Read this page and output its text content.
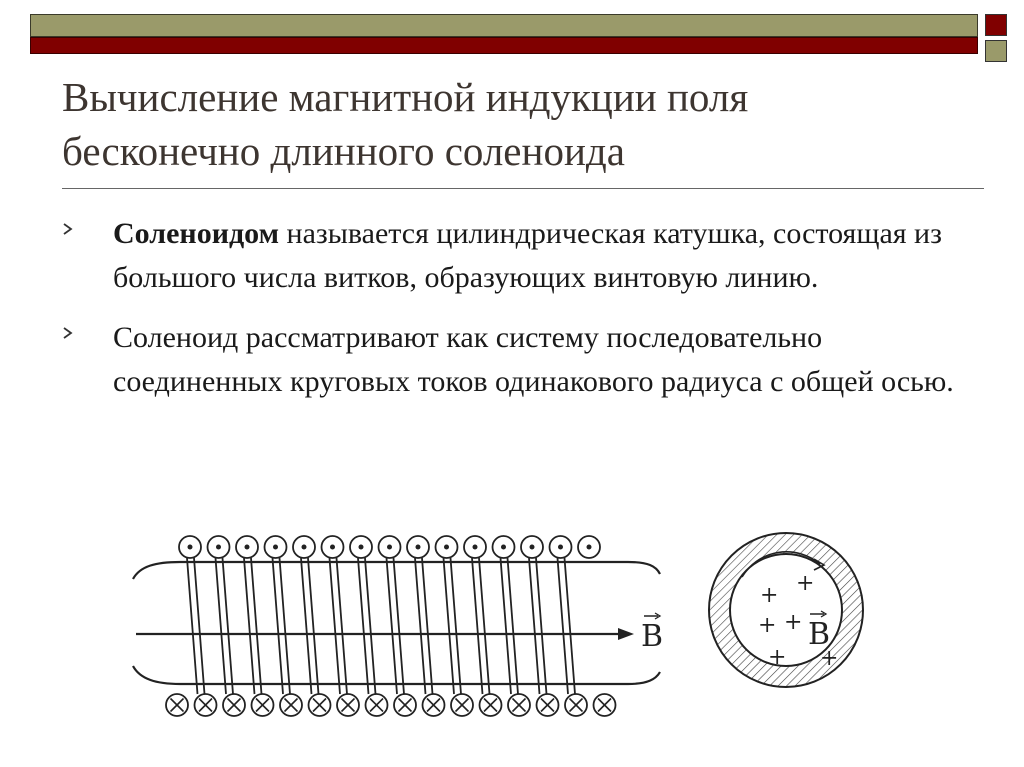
Вычисление магнитной индукции поля
бесконечно длинного соленоида
Соленоидом называется цилиндрическая катушка, состоящая из большого числа витков, образующих винтовую линию.
Соленоид рассматривают как систему последовательно соединенных круговых токов одинакового радиуса с общей осью.
B
+
+
+ +
+ +
B
